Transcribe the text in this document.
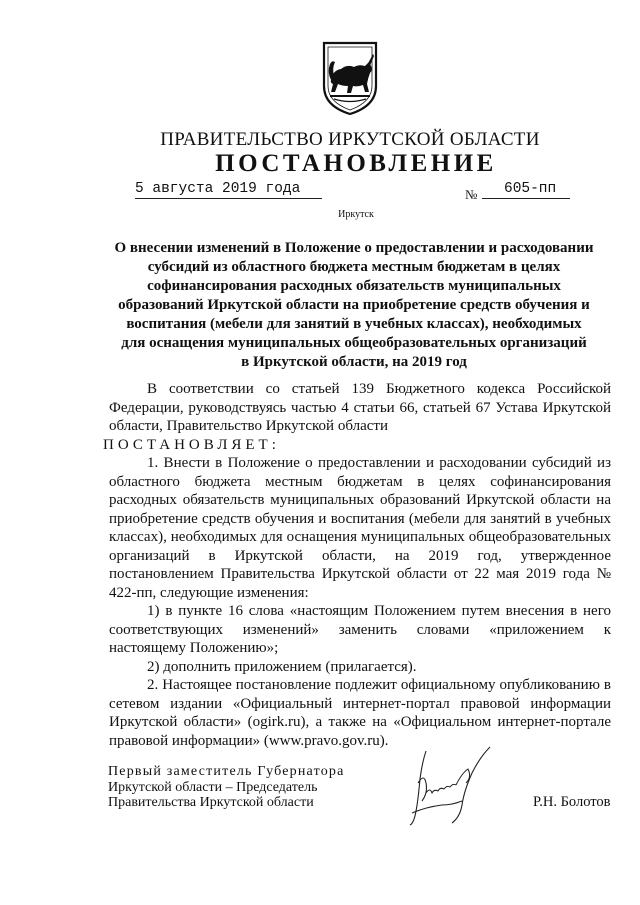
ПРАВИТЕЛЬСТВО ИРКУТСКОЙ ОБЛАСТИ
ПОСТАНОВЛЕНИЕ
5 августа 2019 года	№	605-пп
Иркутск
О внесении изменений в Положение о предоставлении и расходовании
субсидий из областного бюджета местным бюджетам в целях
софинансирования расходных обязательств муниципальных
образований Иркутской области на приобретение средств обучения и
воспитания (мебели для занятий в учебных классах), необходимых
для оснащения муниципальных общеобразовательных организаций
в Иркутской области, на 2019 год

В соответствии со статьей 139 Бюджетного кодекса Российской Федерации, руководствуясь частью 4 статьи 66, статьей 67 Устава Иркутской области, Правительство Иркутской области

ПОСТАНОВЛЯЕТ:

1. Внести в Положение о предоставлении и расходовании субсидий из областного бюджета местным бюджетам в целях софинансирования расходных обязательств муниципальных образований Иркутской области на приобретение средств обучения и воспитания (мебели для занятий в учебных классах), необходимых для оснащения муниципальных общеобразовательных организаций в Иркутской области, на 2019 год, утвержденное постановлением Правительства Иркутской области от 22 мая 2019 года № 422-пп, следующие изменения:

1) в пункте 16 слова «настоящим Положением путем внесения в него соответствующих изменений» заменить словами «приложением к настоящему Положению»;

2) дополнить приложением (прилагается).

2. Настоящее постановление подлежит официальному опубликованию в сетевом издании «Официальный интернет-портал правовой информации Иркутской области» (ogirk.ru), а также на «Официальном интернет-портале правовой информации» (www.pravo.gov.ru).

Первый заместитель Губернатора
Иркутской области – Председатель
Правительства Иркутской области	Р.Н. Болотов
